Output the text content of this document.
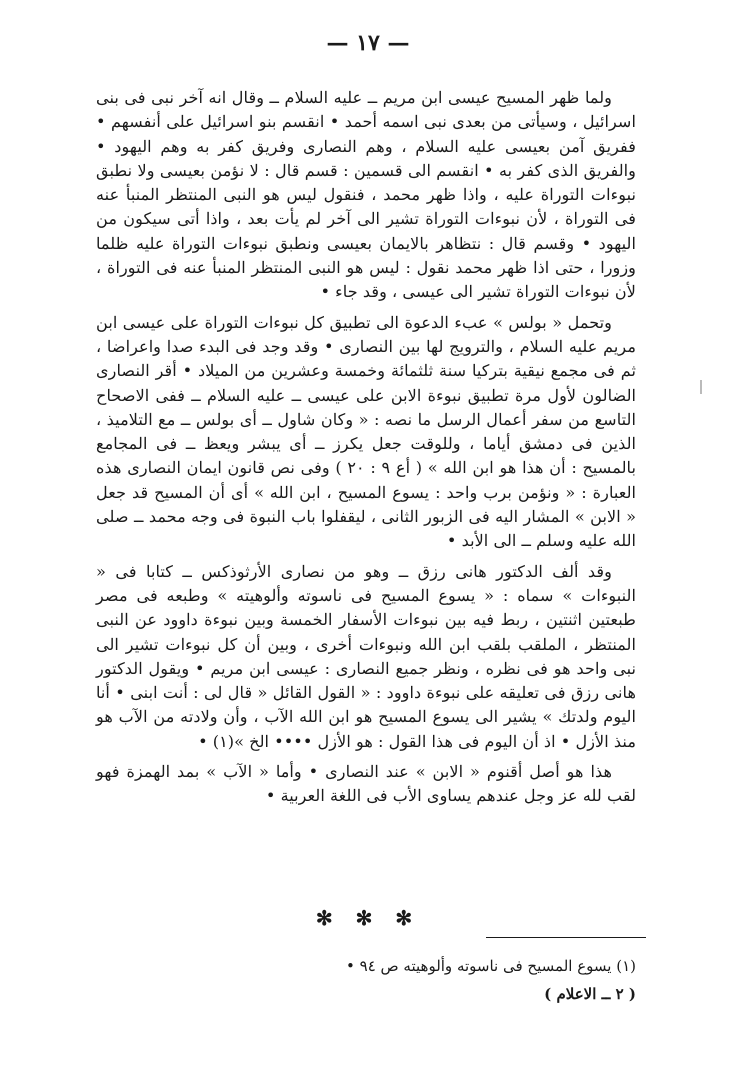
— ١٧ —

ولما ظهر المسيح عيسى ابن مريم ــ عليه السلام ــ وقال انه آخر نبى فى بنى اسرائيل ، وسيأتى من بعدى نبى اسمه أحمد • انقسم بنو اسرائيل على أنفسهم • ففريق آمن بعيسى عليه السلام ، وهم النصارى وفريق كفر به وهم اليهود • والفريق الذى كفر به • انقسم الى قسمين : قسم قال : لا نؤمن بعيسى ولا نطبق نبوءات التوراة عليه ، واذا ظهر محمد ، فنقول ليس هو النبى المنتظر المنبأ عنه فى التوراة ، لأن نبوءات التوراة تشير الى آخر لم يأت بعد ، واذا أتى سيكون من اليهود • وقسم قال : نتظاهر بالايمان بعيسى ونطبق نبوءات التوراة عليه ظلما وزورا ، حتى اذا ظهر محمد نقول : ليس هو النبى المنتظر المنبأ عنه فى التوراة ، لأن نبوءات التوراة تشير الى عيسى ، وقد جاء •

وتحمل « بولس » عبء الدعوة الى تطبيق كل نبوءات التوراة على عيسى ابن مريم عليه السلام ، والترويج لها بين النصارى • وقد وجد فى البدء صدا واعراضا ، ثم فى مجمع نيقية بتركيا سنة ثلثمائة وخمسة وعشرين من الميلاد • أقر النصارى الضالون لأول مرة تطبيق نبوءة الابن على عيسى ــ عليه السلام ــ ففى الاصحاح التاسع من سفر أعمال الرسل ما نصه : « وكان شاول ــ أى بولس ــ مع التلاميذ ، الذين فى دمشق أياما ، وللوقت جعل يكرز ــ أى يبشر ويعظ ــ فى المجامع بالمسيح : أن هذا هو ابن الله » ( أع ٩ : ٢٠ ) وفى نص قانون ايمان النصارى هذه العبارة : « ونؤمن برب واحد : يسوع المسيح ، ابن الله » أى أن المسيح قد جعل « الابن » المشار اليه فى الزبور الثانى ، ليقفلوا باب النبوة فى وجه محمد ــ صلى الله عليه وسلم ــ الى الأبد •

وقد ألف الدكتور هانى رزق ــ وهو من نصارى الأرثوذكس ــ كتابا فى « النبوءات » سماه : « يسوع المسيح فى ناسوته وألوهيته » وطبعه فى مصر طبعتين اثنتين ، ربط فيه بين نبوءات الأسفار الخمسة وبين نبوءة داوود عن النبى المنتظر ، الملقب بلقب ابن الله ونبوءات أخرى ، وبين أن كل نبوءات تشير الى نبى واحد هو فى نظره ، ونظر جميع النصارى : عيسى ابن مريم • ويقول الدكتور هانى رزق فى تعليقه على نبوءة داوود : « القول القائل « قال لى : أنت ابنى • أنا اليوم ولدتك » يشير الى يسوع المسيح هو ابن الله الآب ، وأن ولادته من الآب هو منذ الأزل • اذ أن اليوم فى هذا القول : هو الأزل •••• الخ »(١) •

هذا هو أصل أقنوم « الابن » عند النصارى • وأما « الآب » بمد الهمزة فهو لقب لله عز وجل عندهم يساوى الأب فى اللغة العربية •

✻ ✻ ✻
(١) يسوع المسيح فى ناسوته وألوهيته ص ٩٤ •
( ٢ ــ الاعلام )
